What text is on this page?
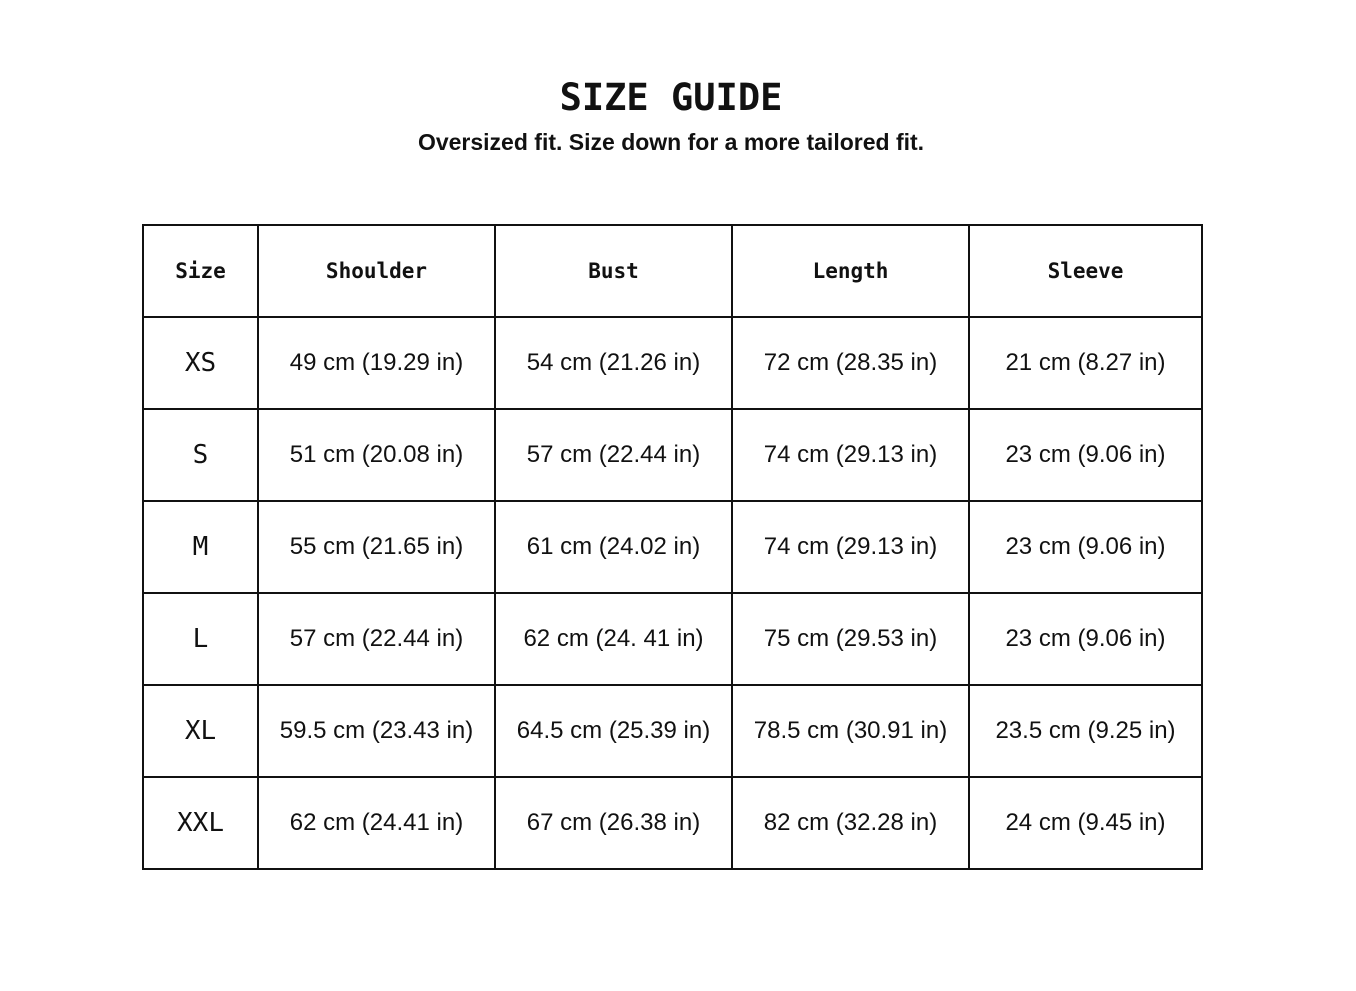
SIZE GUIDE

Oversized fit. Size down for a more tailored fit.

Size	Shoulder	Bust	Length	Sleeve
XS	49 cm (19.29 in)	54 cm (21.26 in)	72 cm (28.35 in)	21 cm (8.27 in)
S	51 cm (20.08 in)	57 cm (22.44 in)	74 cm (29.13 in)	23 cm (9.06 in)
M	55 cm (21.65 in)	61 cm (24.02 in)	74 cm (29.13 in)	23 cm (9.06 in)
L	57 cm (22.44 in)	62 cm (24. 41 in)	75 cm (29.53 in)	23 cm (9.06 in)
XL	59.5 cm (23.43 in)	64.5 cm (25.39 in)	78.5 cm (30.91 in)	23.5 cm (9.25 in)
XXL	62 cm (24.41 in)	67 cm (26.38 in)	82 cm (32.28 in)	24 cm (9.45 in)
